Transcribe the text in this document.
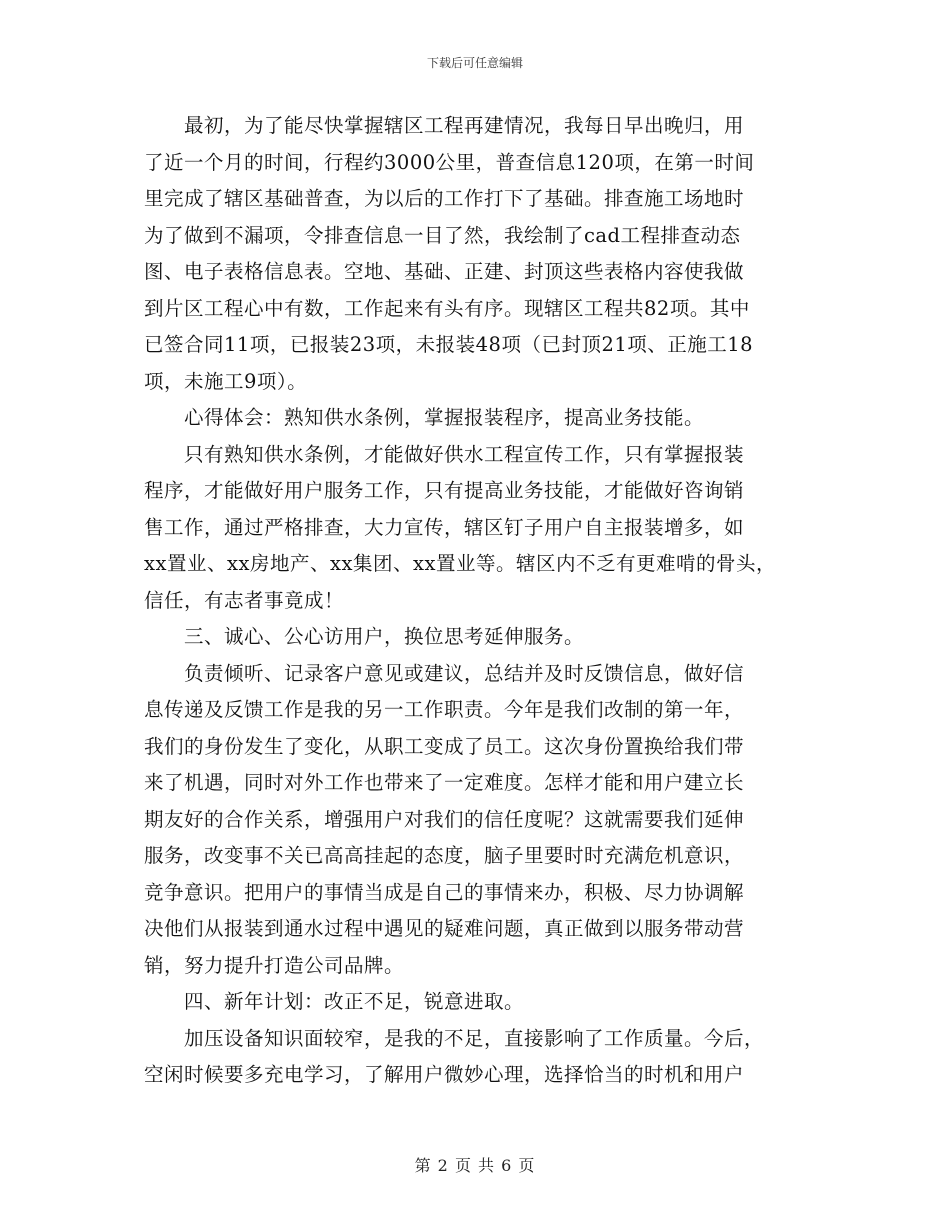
下载后可任意编辑
最初，为了能尽快掌握辖区工程再建情况，我每日早出晚归，用
了近一个月的时间，行程约3000公里，普查信息120项，在第一时间
里完成了辖区基础普查，为以后的工作打下了基础。排查施工场地时
为了做到不漏项，令排查信息一目了然，我绘制了cad工程排查动态
图、电子表格信息表。空地、基础、正建、封顶这些表格内容使我做
到片区工程心中有数，工作起来有头有序。现辖区工程共82项。其中
已签合同11项，已报装23项，未报装48项（已封顶21项、正施工18
项，未施工9项）。
心得体会：熟知供水条例，掌握报装程序，提高业务技能。
只有熟知供水条例，才能做好供水工程宣传工作，只有掌握报装
程序，才能做好用户服务工作，只有提高业务技能，才能做好咨询销
售工作，通过严格排查，大力宣传，辖区钉子用户自主报装增多，如
xx置业、xx房地产、xx集团、xx置业等。辖区内不乏有更难啃的骨头，
信任，有志者事竟成！
三、诚心、公心访用户，换位思考延伸服务。
负责倾听、记录客户意见或建议，总结并及时反馈信息，做好信
息传递及反馈工作是我的另一工作职责。今年是我们改制的第一年，
我们的身份发生了变化，从职工变成了员工。这次身份置换给我们带
来了机遇，同时对外工作也带来了一定难度。怎样才能和用户建立长
期友好的合作关系，增强用户对我们的信任度呢？这就需要我们延伸
服务，改变事不关已高高挂起的态度，脑子里要时时充满危机意识，
竞争意识。把用户的事情当成是自己的事情来办，积极、尽力协调解
决他们从报装到通水过程中遇见的疑难问题，真正做到以服务带动营
销，努力提升打造公司品牌。
四、新年计划：改正不足，锐意进取。
加压设备知识面较窄，是我的不足，直接影响了工作质量。今后，
空闲时候要多充电学习，了解用户微妙心理，选择恰当的时机和用户
第 2 页 共 6 页
